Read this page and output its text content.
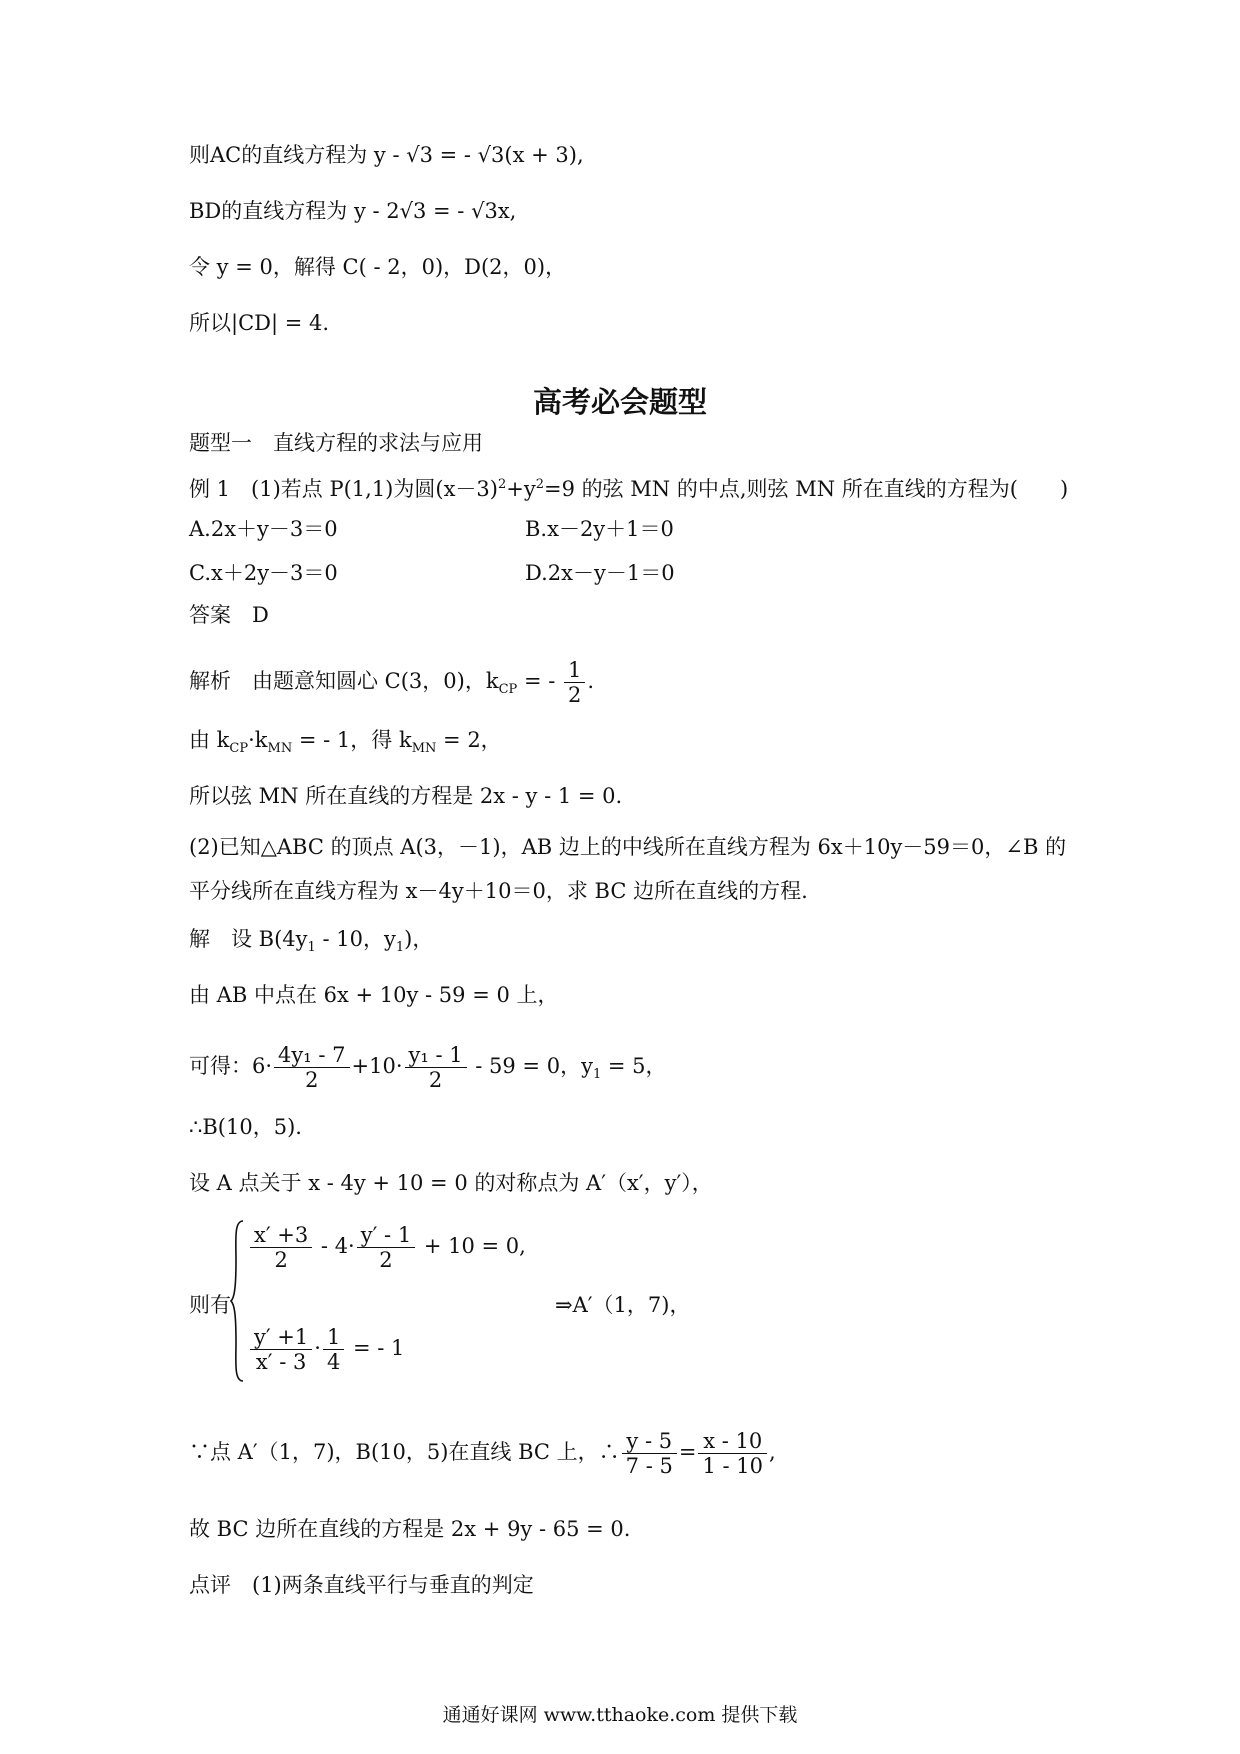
则AC的直线方程为 y - √3 = - √3(x + 3),
BD的直线方程为 y - 2√3 = - √3x,
令 y = 0，解得 C( - 2，0)，D(2，0)，
所以|CD| = 4.
高考必会题型
题型一　直线方程的求法与应用
例 1　(1)若点 P(1,1)为圆$(x-3)^2+y^2=9$ 的弦 MN 的中点,则弦 MN 所在直线的方程为(　　)
A.2x＋y－3＝0	B.x－2y＋1＝0
C.x＋2y－3＝0	D.2x－y－1＝0
答案　D
解析　由题意知圆心 C(3，0)，$k_{CP}$ = - $\frac{1}{2}$ .
由 $k_{CP}\cdot k_{MN}$ = - 1，得 $k_{MN} = 2$，
所以弦 MN 所在直线的方程是 2x - y - 1 = 0.
(2)已知△ABC 的顶点 A(3，－1)，AB 边上的中线所在直线方程为 6x＋10y－59＝0，∠B 的
平分线所在直线方程为 x－4y＋10＝0，求 BC 边所在直线的方程.
解　设 $B(4y_1 - 10$，$y_1$)，
由 AB 中点在 6x + 10y - 59 = 0 上，
可得：$6\cdot \frac{\text{4y₁ - 7}}{2} +10\cdot \frac{\text{y₁ - 1}}{2} - 59 = 0$，$y_1 = 5$，
∴B(10，5).
设 A 点关于 x - 4y + 10 = 0 的对称点为 A′（x′，y′），
则有
$\frac{x' +3}{2} - 4\cdot \frac{y' - 1}{2} + 10 = 0$,
$\frac{y' +1}{x' - 3} \cdot \frac{1}{4}$ = - 1
⇒A′（1，7)，
∵点 A′（1，7)，B(10，5)在直线 BC 上，∴ $\frac{y - 5}{7 - 5} = \frac{x - 10}{1 - 10}$ ,
故 BC 边所在直线的方程是 2x + 9y - 65 = 0.
点评　(1)两条直线平行与垂直的判定
通通好课网 www.tthaoke.com 提供下载
